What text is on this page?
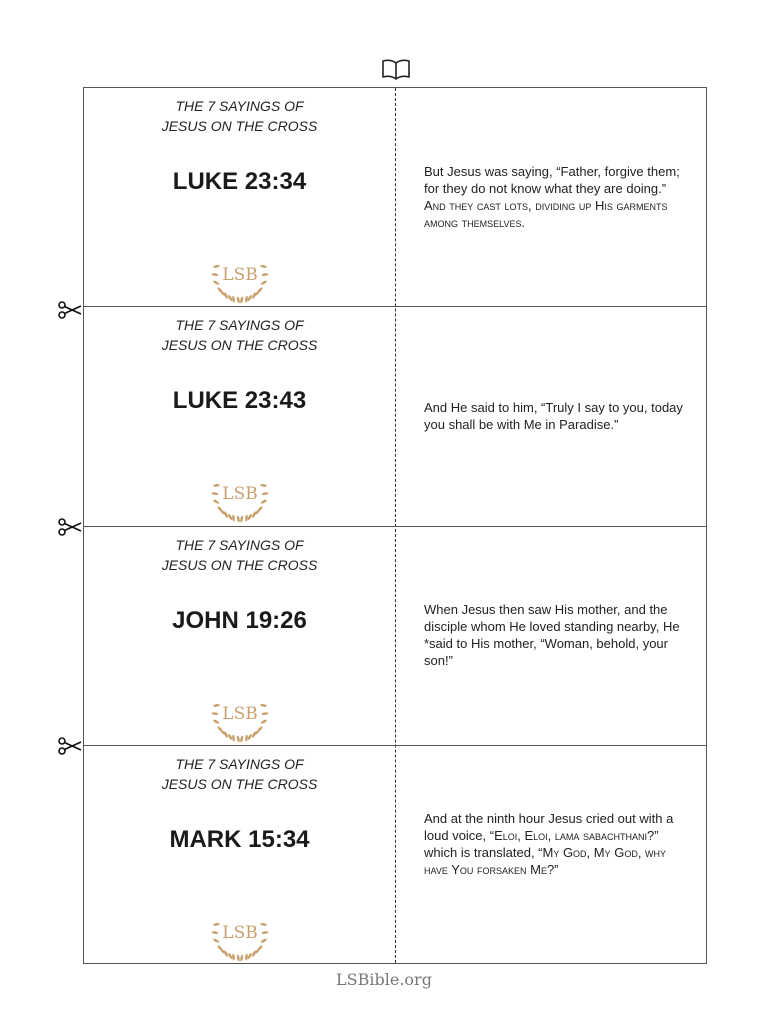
THE 7 SAYINGS OF
JESUS ON THE CROSS
LUKE 23:34
LSB
But Jesus was saying, “Father, forgive them; for they do not know what they are doing.” And they cast lots, dividing up His garments among themselves.
THE 7 SAYINGS OF
JESUS ON THE CROSS
LUKE 23:43
LSB
And He said to him, “Truly I say to you, today you shall be with Me in Paradise.”
THE 7 SAYINGS OF
JESUS ON THE CROSS
JOHN 19:26
LSB
When Jesus then saw His mother, and the disciple whom He loved standing nearby, He *said to His mother, “Woman, behold, your son!”
THE 7 SAYINGS OF
JESUS ON THE CROSS
MARK 15:34
LSB
And at the ninth hour Jesus cried out with a loud voice, “Eloi, Eloi, lama sabachthani?” which is translated, “My God, My God, why have You forsaken Me?”
LSBible.org
